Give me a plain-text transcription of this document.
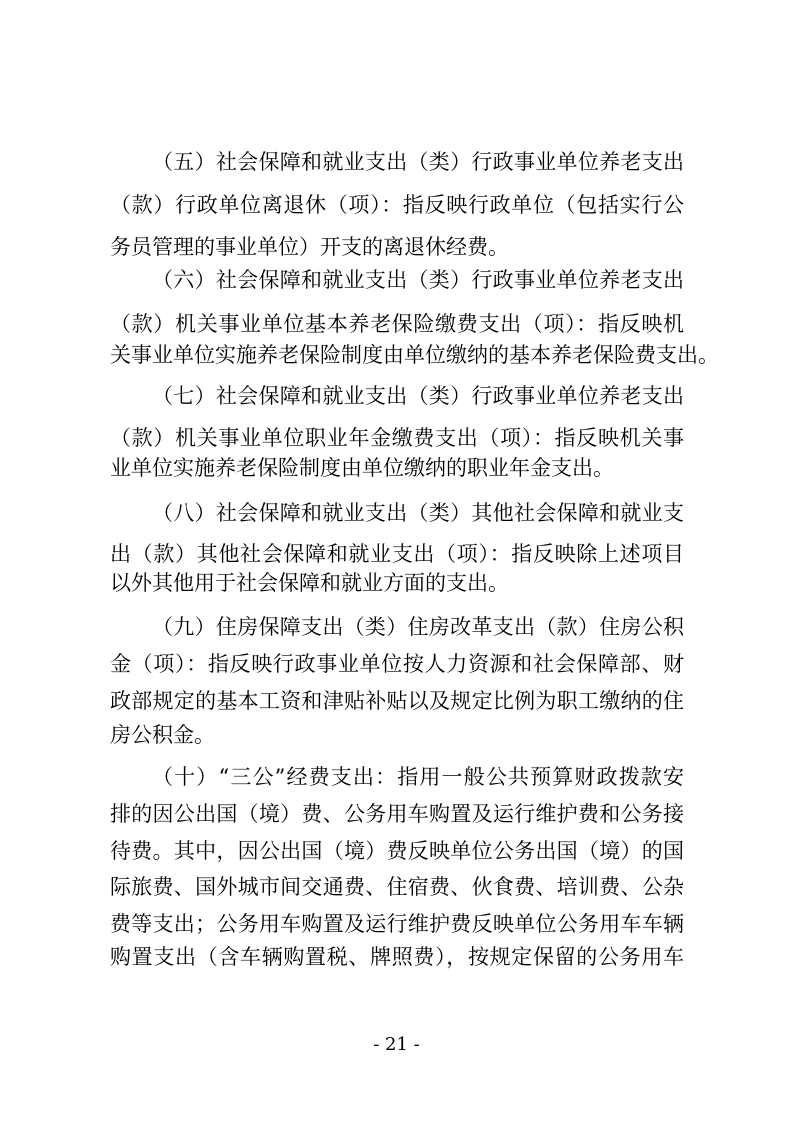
（五）社会保障和就业支出（类）行政事业单位养老支出
（款）行政单位离退休（项）：指反映行政单位（包括实行公
务员管理的事业单位）开支的离退休经费。
（六）社会保障和就业支出（类）行政事业单位养老支出
（款）机关事业单位基本养老保险缴费支出（项）：指反映机
关事业单位实施养老保险制度由单位缴纳的基本养老保险费支出。
（七）社会保障和就业支出（类）行政事业单位养老支出
（款）机关事业单位职业年金缴费支出（项）：指反映机关事
业单位实施养老保险制度由单位缴纳的职业年金支出。
（八）社会保障和就业支出（类）其他社会保障和就业支
出（款）其他社会保障和就业支出（项）：指反映除上述项目
以外其他用于社会保障和就业方面的支出。
（九）住房保障支出（类）住房改革支出（款）住房公积
金（项）：指反映行政事业单位按人力资源和社会保障部、财
政部规定的基本工资和津贴补贴以及规定比例为职工缴纳的住
房公积金。
（十）“三公”经费支出：指用一般公共预算财政拨款安
排的因公出国（境）费、公务用车购置及运行维护费和公务接
待费。其中，因公出国（境）费反映单位公务出国（境）的国
际旅费、国外城市间交通费、住宿费、伙食费、培训费、公杂
费等支出；公务用车购置及运行维护费反映单位公务用车车辆
购置支出（含车辆购置税、牌照费），按规定保留的公务用车
- 21 -
